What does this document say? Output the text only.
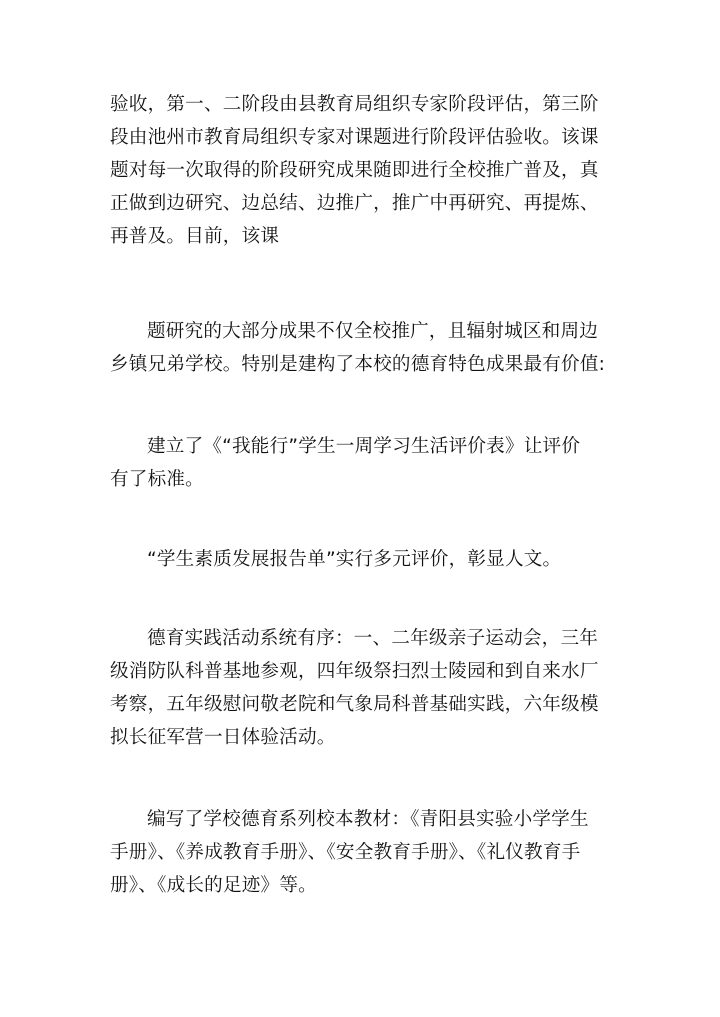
验收，第一、二阶段由县教育局组织专家阶段评估，第三阶
段由池州市教育局组织专家对课题进行阶段评估验收。该课
题对每一次取得的阶段研究成果随即进行全校推广普及，真
正做到边研究、边总结、边推广，推广中再研究、再提炼、
再普及。目前，该课

题研究的大部分成果不仅全校推广，且辐射城区和周边
乡镇兄弟学校。特别是建构了本校的德育特色成果最有价值:

建立了《“我能行”学生一周学习生活评价表》让评价
有了标准。

“学生素质发展报告单”实行多元评价，彰显人文。

德育实践活动系统有序：一、二年级亲子运动会，三年
级消防队科普基地参观，四年级祭扫烈士陵园和到自来水厂
考察，五年级慰问敬老院和气象局科普基础实践，六年级模
拟长征军营一日体验活动。

编写了学校德育系列校本教材：《青阳县实验小学学生
手册》、《养成教育手册》、《安全教育手册》、《礼仪教育手
册》、《成长的足迹》等。
